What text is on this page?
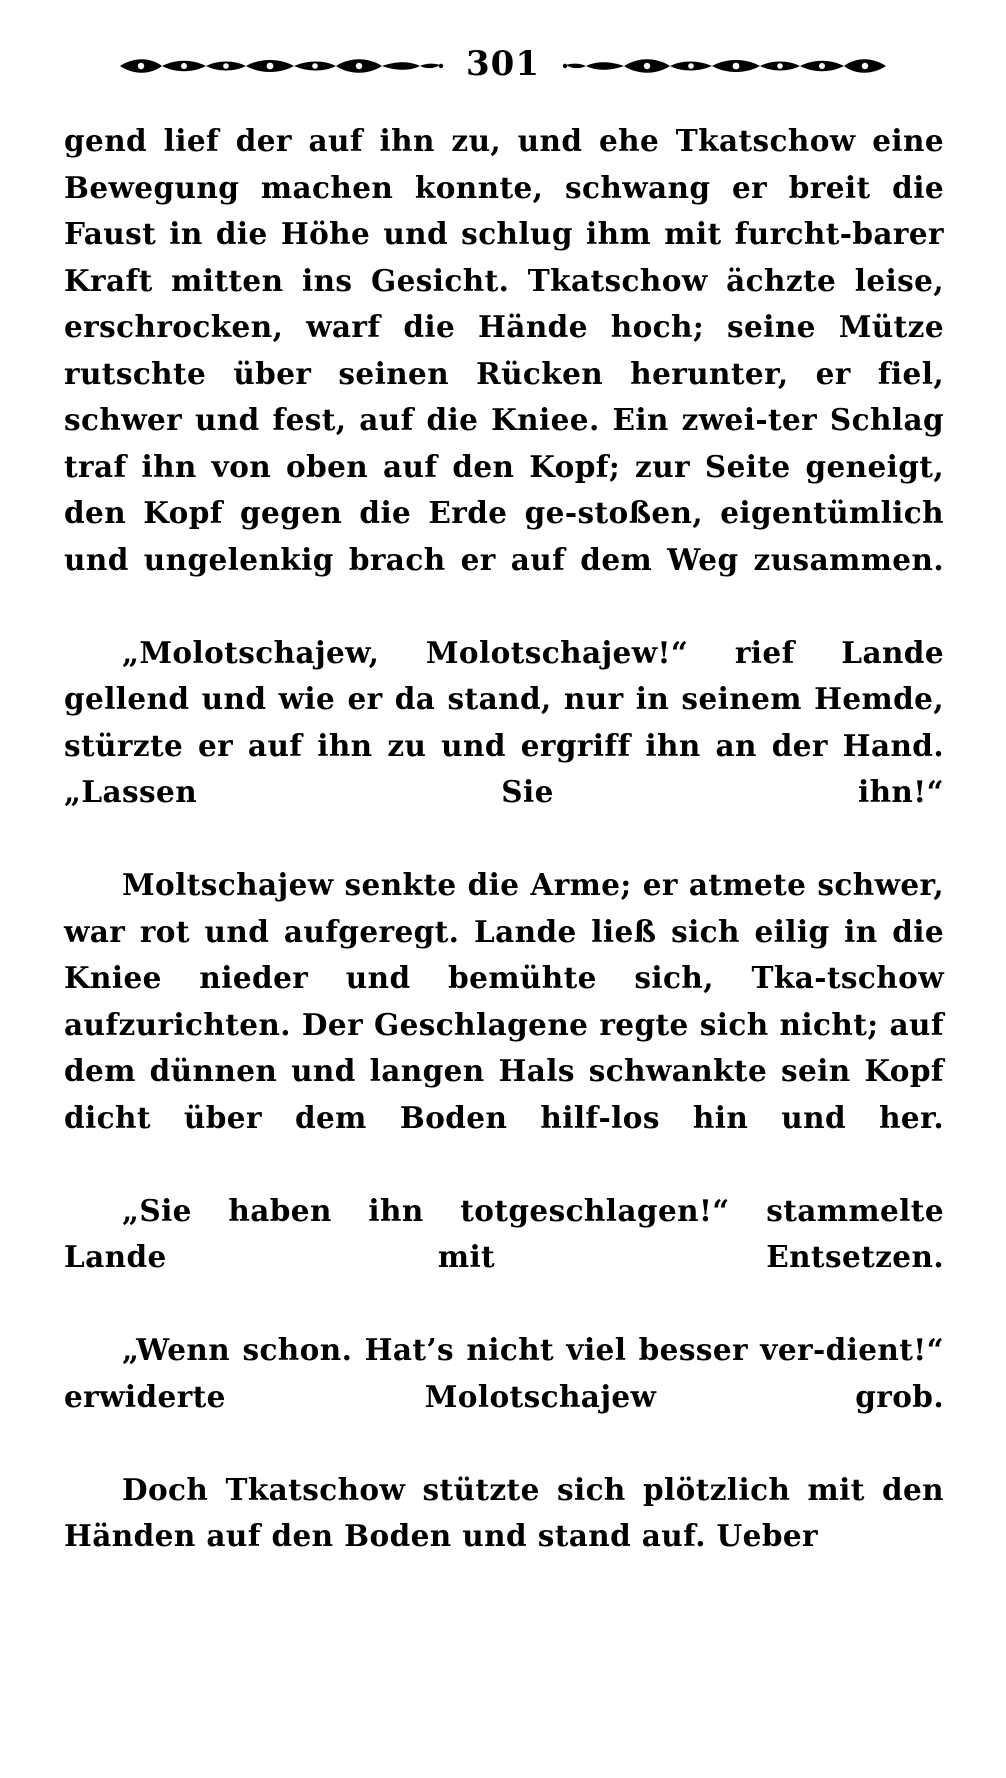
301

gend lief der auf ihn zu, und ehe Tkatschow eine Bewegung machen konnte, schwang er breit die Faust in die Höhe und schlug ihm mit furcht‐barer Kraft mitten ins Gesicht. Tkatschow ächzte leise, erschrocken, warf die Hände hoch; seine Mütze rutschte über seinen Rücken herunter, er fiel, schwer und fest, auf die Kniee. Ein zwei‐ter Schlag traf ihn von oben auf den Kopf; zur Seite geneigt, den Kopf gegen die Erde ge‐stoßen, eigentümlich und ungelenkig brach er auf dem Weg zusammen.

„Molotschajew, Molotschajew!“ rief Lande gellend und wie er da stand, nur in seinem Hemde, stürzte er auf ihn zu und ergriff ihn an der Hand. „Lassen Sie ihn!“

Moltschajew senkte die Arme; er atmete schwer, war rot und aufgeregt. Lande ließ sich eilig in die Kniee nieder und bemühte sich, Tka‐tschow aufzurichten. Der Geschlagene regte sich nicht; auf dem dünnen und langen Hals schwankte sein Kopf dicht über dem Boden hilf‐los hin und her.

„Sie haben ihn totgeschlagen!“ stammelte Lande mit Entsetzen.

„Wenn schon. Hat’s nicht viel besser ver‐dient!“ erwiderte Molotschajew grob.

Doch Tkatschow stützte sich plötzlich mit den Händen auf den Boden und stand auf. Ueber
